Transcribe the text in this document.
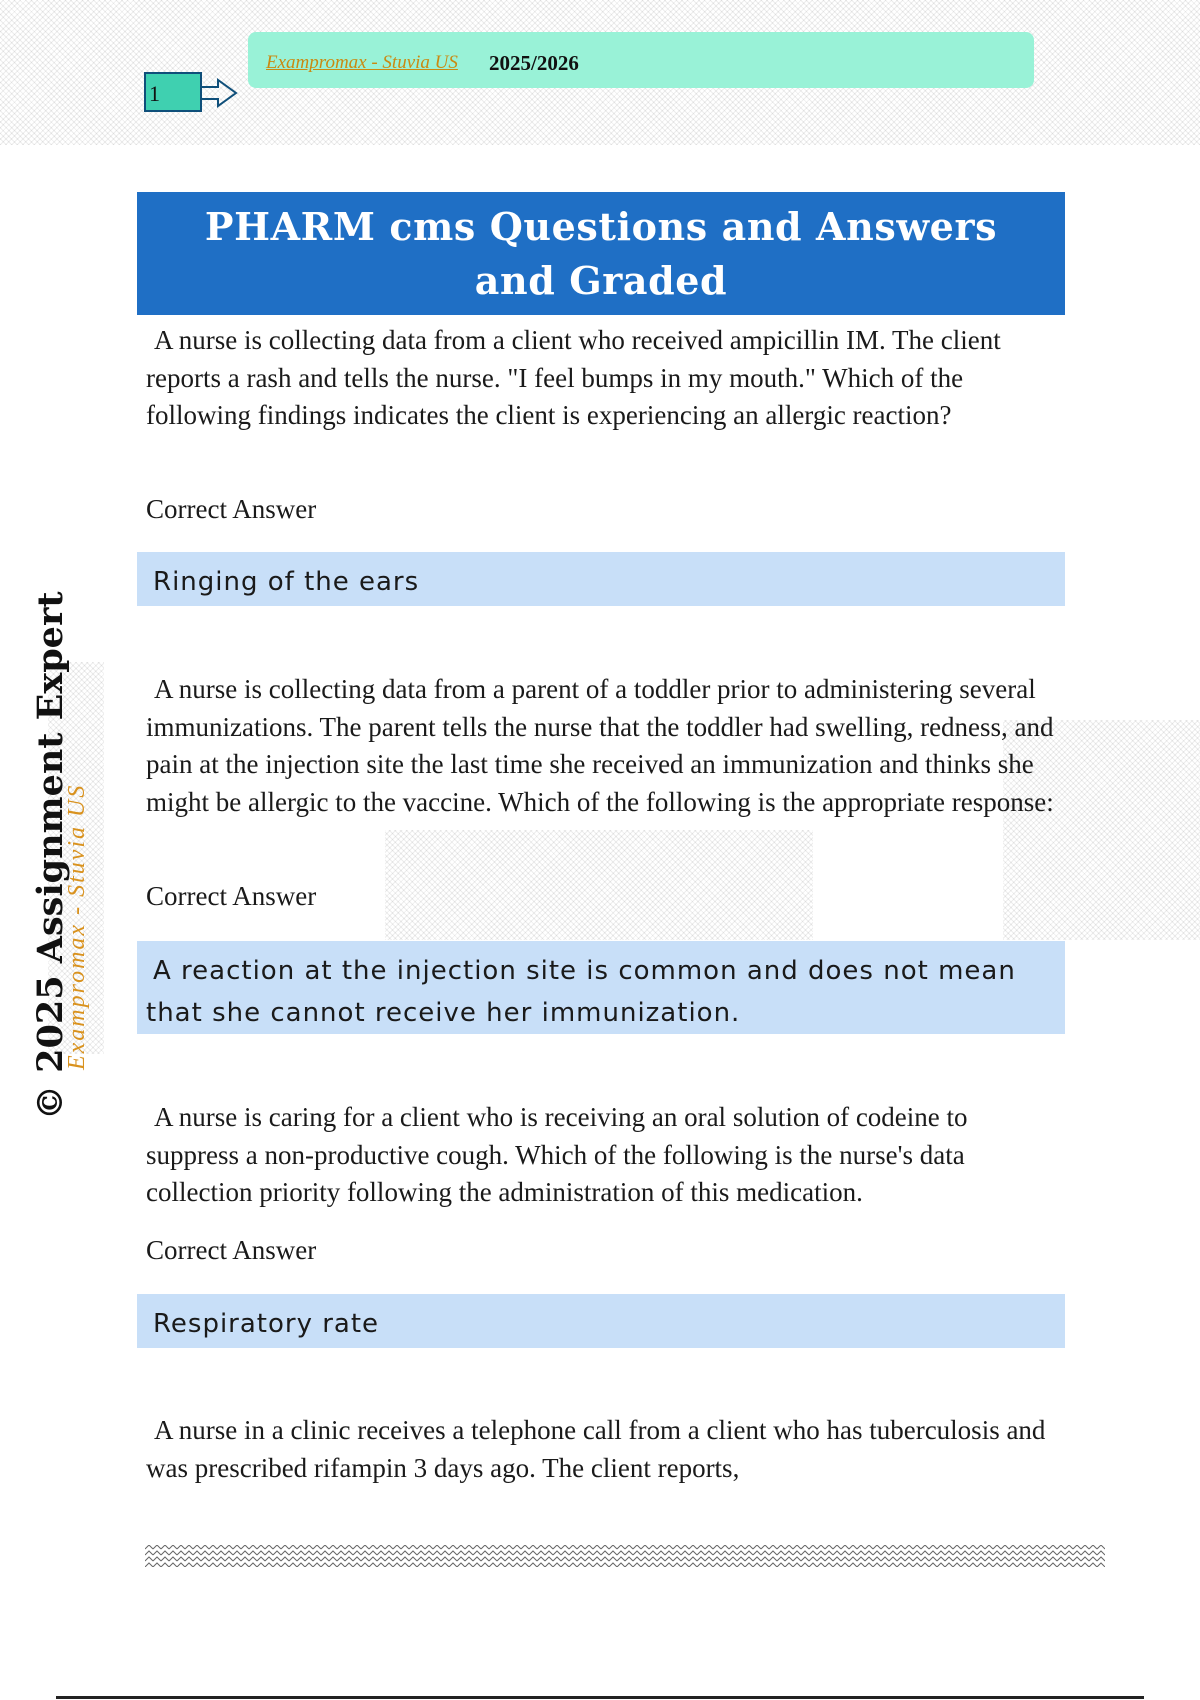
Exampromax - Stuvia US 2025/2026
1
PHARM cms Questions and Answers and Graded
A nurse is collecting data from a client who received ampicillin IM. The client reports a rash and tells the nurse. "I feel bumps in my mouth." Which of the following findings indicates the client is experiencing an allergic reaction?
Correct Answer
Ringing of the ears
A nurse is collecting data from a parent of a toddler prior to administering several immunizations. The parent tells the nurse that the toddler had swelling, redness, and pain at the injection site the last time she received an immunization and thinks she might be allergic to the vaccine. Which of the following is the appropriate response:
Correct Answer
A reaction at the injection site is common and does not mean that she cannot receive her immunization.
A nurse is caring for a client who is receiving an oral solution of codeine to suppress a non-productive cough. Which of the following is the nurse's data collection priority following the administration of this medication.
Correct Answer
Respiratory rate
A nurse in a clinic receives a telephone call from a client who has tuberculosis and was prescribed rifampin 3 days ago. The client reports,
© 2025 Assignment Expert
Exampromax - Stuvia US
